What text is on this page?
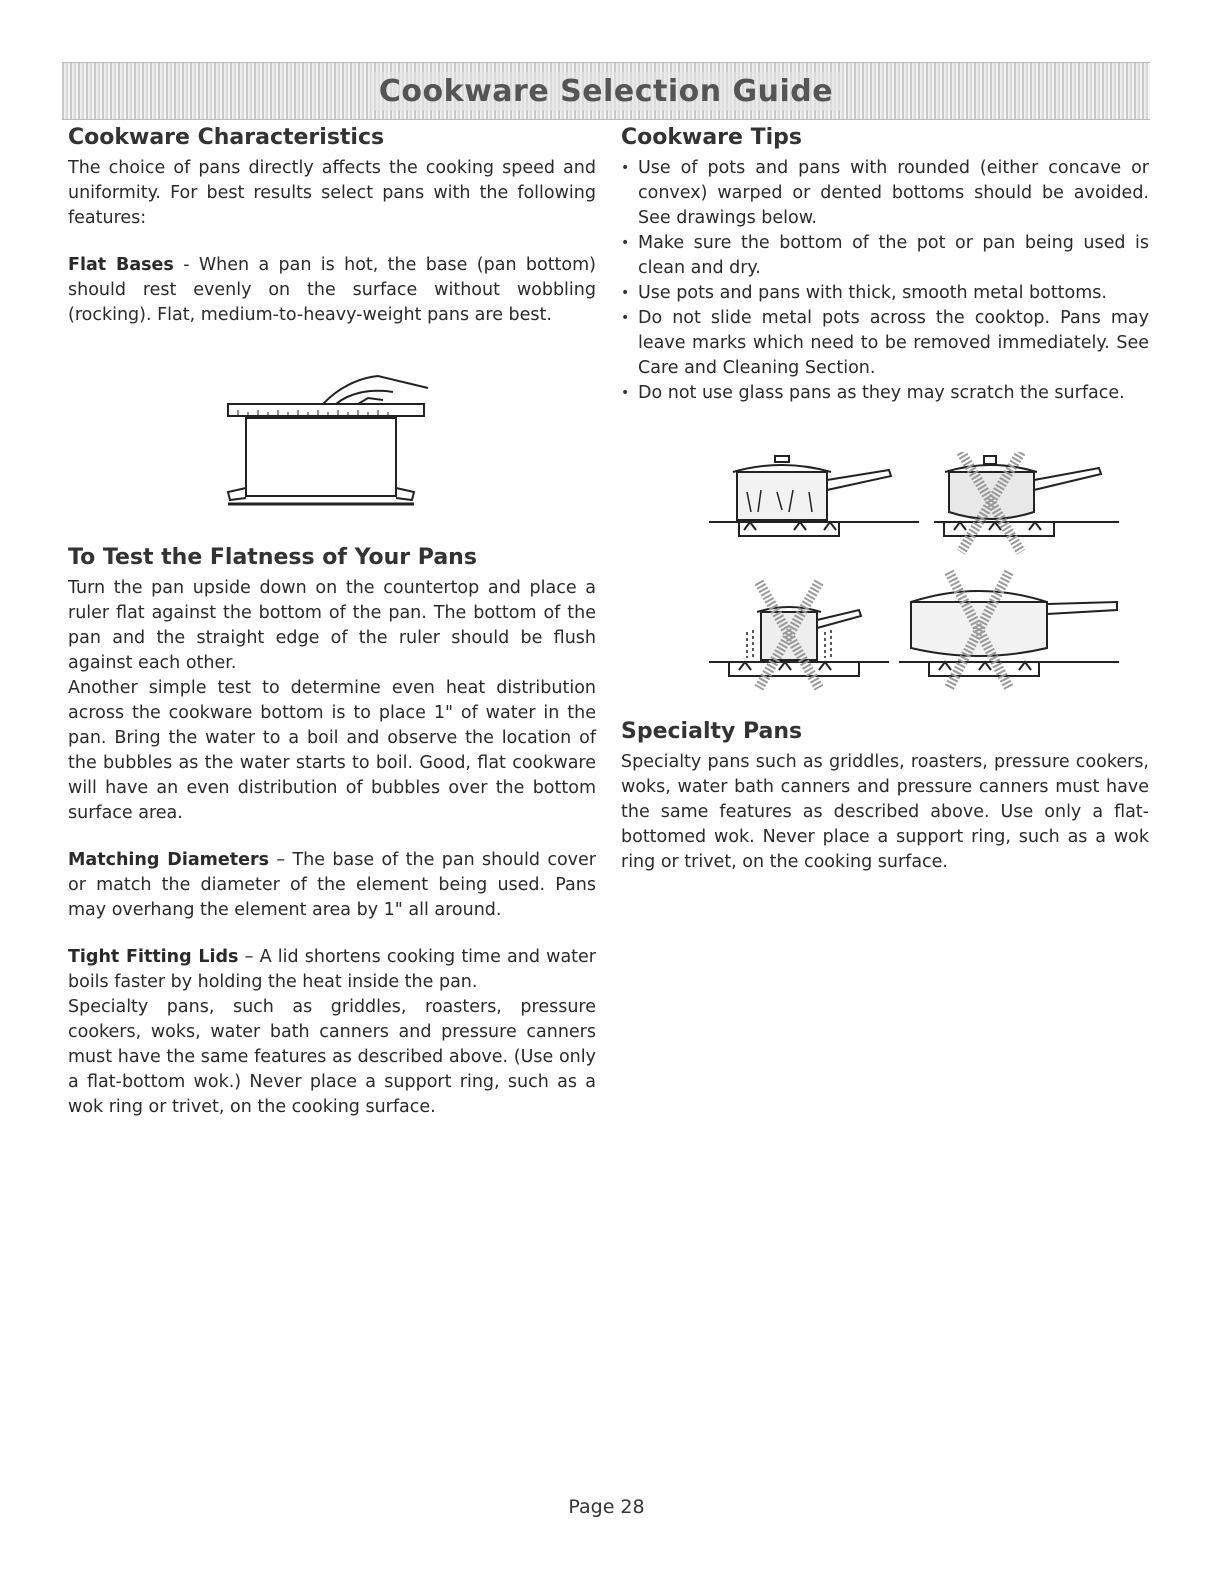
Cookware Selection Guide
Cookware Characteristics

The choice of pans directly affects the cooking speed and uniformity. For best results select pans with the following features:

Flat Bases - When a pan is hot, the base (pan bottom) should rest evenly on the surface without wobbling (rocking). Flat, medium-to-heavy-weight pans are best.

To Test the Flatness of Your Pans

Turn the pan upside down on the countertop and place a ruler flat against the bottom of the pan. The bottom of the pan and the straight edge of the ruler should be flush against each other.

Another simple test to determine even heat distribution across the cookware bottom is to place 1" of water in the pan. Bring the water to a boil and observe the location of the bubbles as the water starts to boil. Good, flat cookware will have an even distribution of bubbles over the bottom surface area.

Matching Diameters – The base of the pan should cover or match the diameter of the element being used. Pans may overhang the element area by 1" all around.

Tight Fitting Lids – A lid shortens cooking time and water boils faster by holding the heat inside the pan.

Specialty pans, such as griddles, roasters, pressure cookers, woks, water bath canners and pressure canners must have the same features as described above. (Use only a flat-bottom wok.) Never place a support ring, such as a wok ring or trivet, on the cooking surface.

Cookware Tips
• Use of pots and pans with rounded (either concave or convex) warped or dented bottoms should be avoided. See drawings below.
• Make sure the bottom of the pot or pan being used is clean and dry.
• Use pots and pans with thick, smooth metal bottoms.
• Do not slide metal pots across the cooktop. Pans may leave marks which need to be removed immediately. See Care and Cleaning Section.
• Do not use glass pans as they may scratch the surface.
Specialty Pans

Specialty pans such as griddles, roasters, pressure cookers, woks, water bath canners and pressure canners must have the same features as described above. Use only a flat-bottomed wok. Never place a support ring, such as a wok ring or trivet, on the cooking surface.

Page 28
